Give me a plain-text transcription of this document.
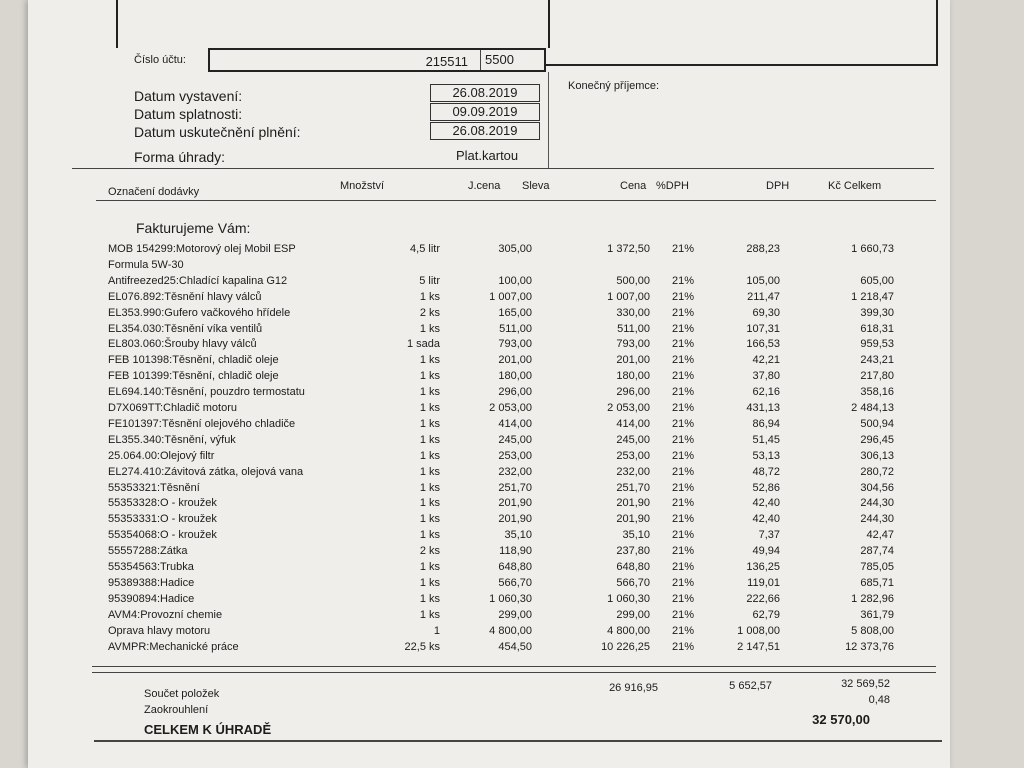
Číslo účtu:	215511	5500
Datum vystavení:	26.08.2019
Datum splatnosti:	09.09.2019
Datum uskutečnění plnění:	26.08.2019
Forma úhrady:	Plat.kartou
Konečný příjemce:
Označení dodávky	Množství	J.cena Sleva	Cena %DPH	DPH	Kč Celkem
Fakturujeme Vám:
MOB 154299:Motorový olej Mobil ESP	4,5 litr	305,00	1 372,50 21%	288,23	1 660,73
Formula 5W-30
Antifreezed25:Chladící kapalina G12	5 litr	100,00	500,00 21%	105,00	605,00
EL076.892:Těsnění hlavy válců	1 ks	1 007,00	1 007,00 21%	211,47	1 218,47
EL353.990:Gufero vačkového hřídele	2 ks	165,00	330,00 21%	69,30	399,30
EL354.030:Těsnění víka ventilů	1 ks	511,00	511,00 21%	107,31	618,31
EL803.060:Šrouby hlavy válců	1 sada	793,00	793,00 21%	166,53	959,53
FEB 101398:Těsnění, chladič oleje	1 ks	201,00	201,00 21%	42,21	243,21
FEB 101399:Těsnění, chladič oleje	1 ks	180,00	180,00 21%	37,80	217,80
EL694.140:Těsnění, pouzdro termostatu	1 ks	296,00	296,00 21%	62,16	358,16
D7X069TT:Chladič motoru	1 ks	2 053,00	2 053,00 21%	431,13	2 484,13
FE101397:Těsnění olejového chladiče	1 ks	414,00	414,00 21%	86,94	500,94
EL355.340:Těsnění, výfuk	1 ks	245,00	245,00 21%	51,45	296,45
25.064.00:Olejový filtr	1 ks	253,00	253,00 21%	53,13	306,13
EL274.410:Závitová zátka, olejová vana	1 ks	232,00	232,00 21%	48,72	280,72
55353321:Těsnění	1 ks	251,70	251,70 21%	52,86	304,56
55353328:O - kroužek	1 ks	201,90	201,90 21%	42,40	244,30
55353331:O - kroužek	1 ks	201,90	201,90 21%	42,40	244,30
55354068:O - kroužek	1 ks	35,10	35,10 21%	7,37	42,47
55557288:Zátka	2 ks	118,90	237,80 21%	49,94	287,74
55354563:Trubka	1 ks	648,80	648,80 21%	136,25	785,05
95389388:Hadice	1 ks	566,70	566,70 21%	119,01	685,71
95390894:Hadice	1 ks	1 060,30	1 060,30 21%	222,66	1 282,96
AVM4:Provozní chemie	1 ks	299,00	299,00 21%	62,79	361,79
Oprava hlavy motoru	1	4 800,00	4 800,00 21%	1 008,00	5 808,00
AVMPR:Mechanické práce	22,5 ks	454,50	10 226,25 21%	2 147,51	12 373,76
Součet položek	26 916,95	5 652,57	32 569,52
Zaokrouhlení
0,48
CELKEM K ÚHRADĚ
32 570,00
